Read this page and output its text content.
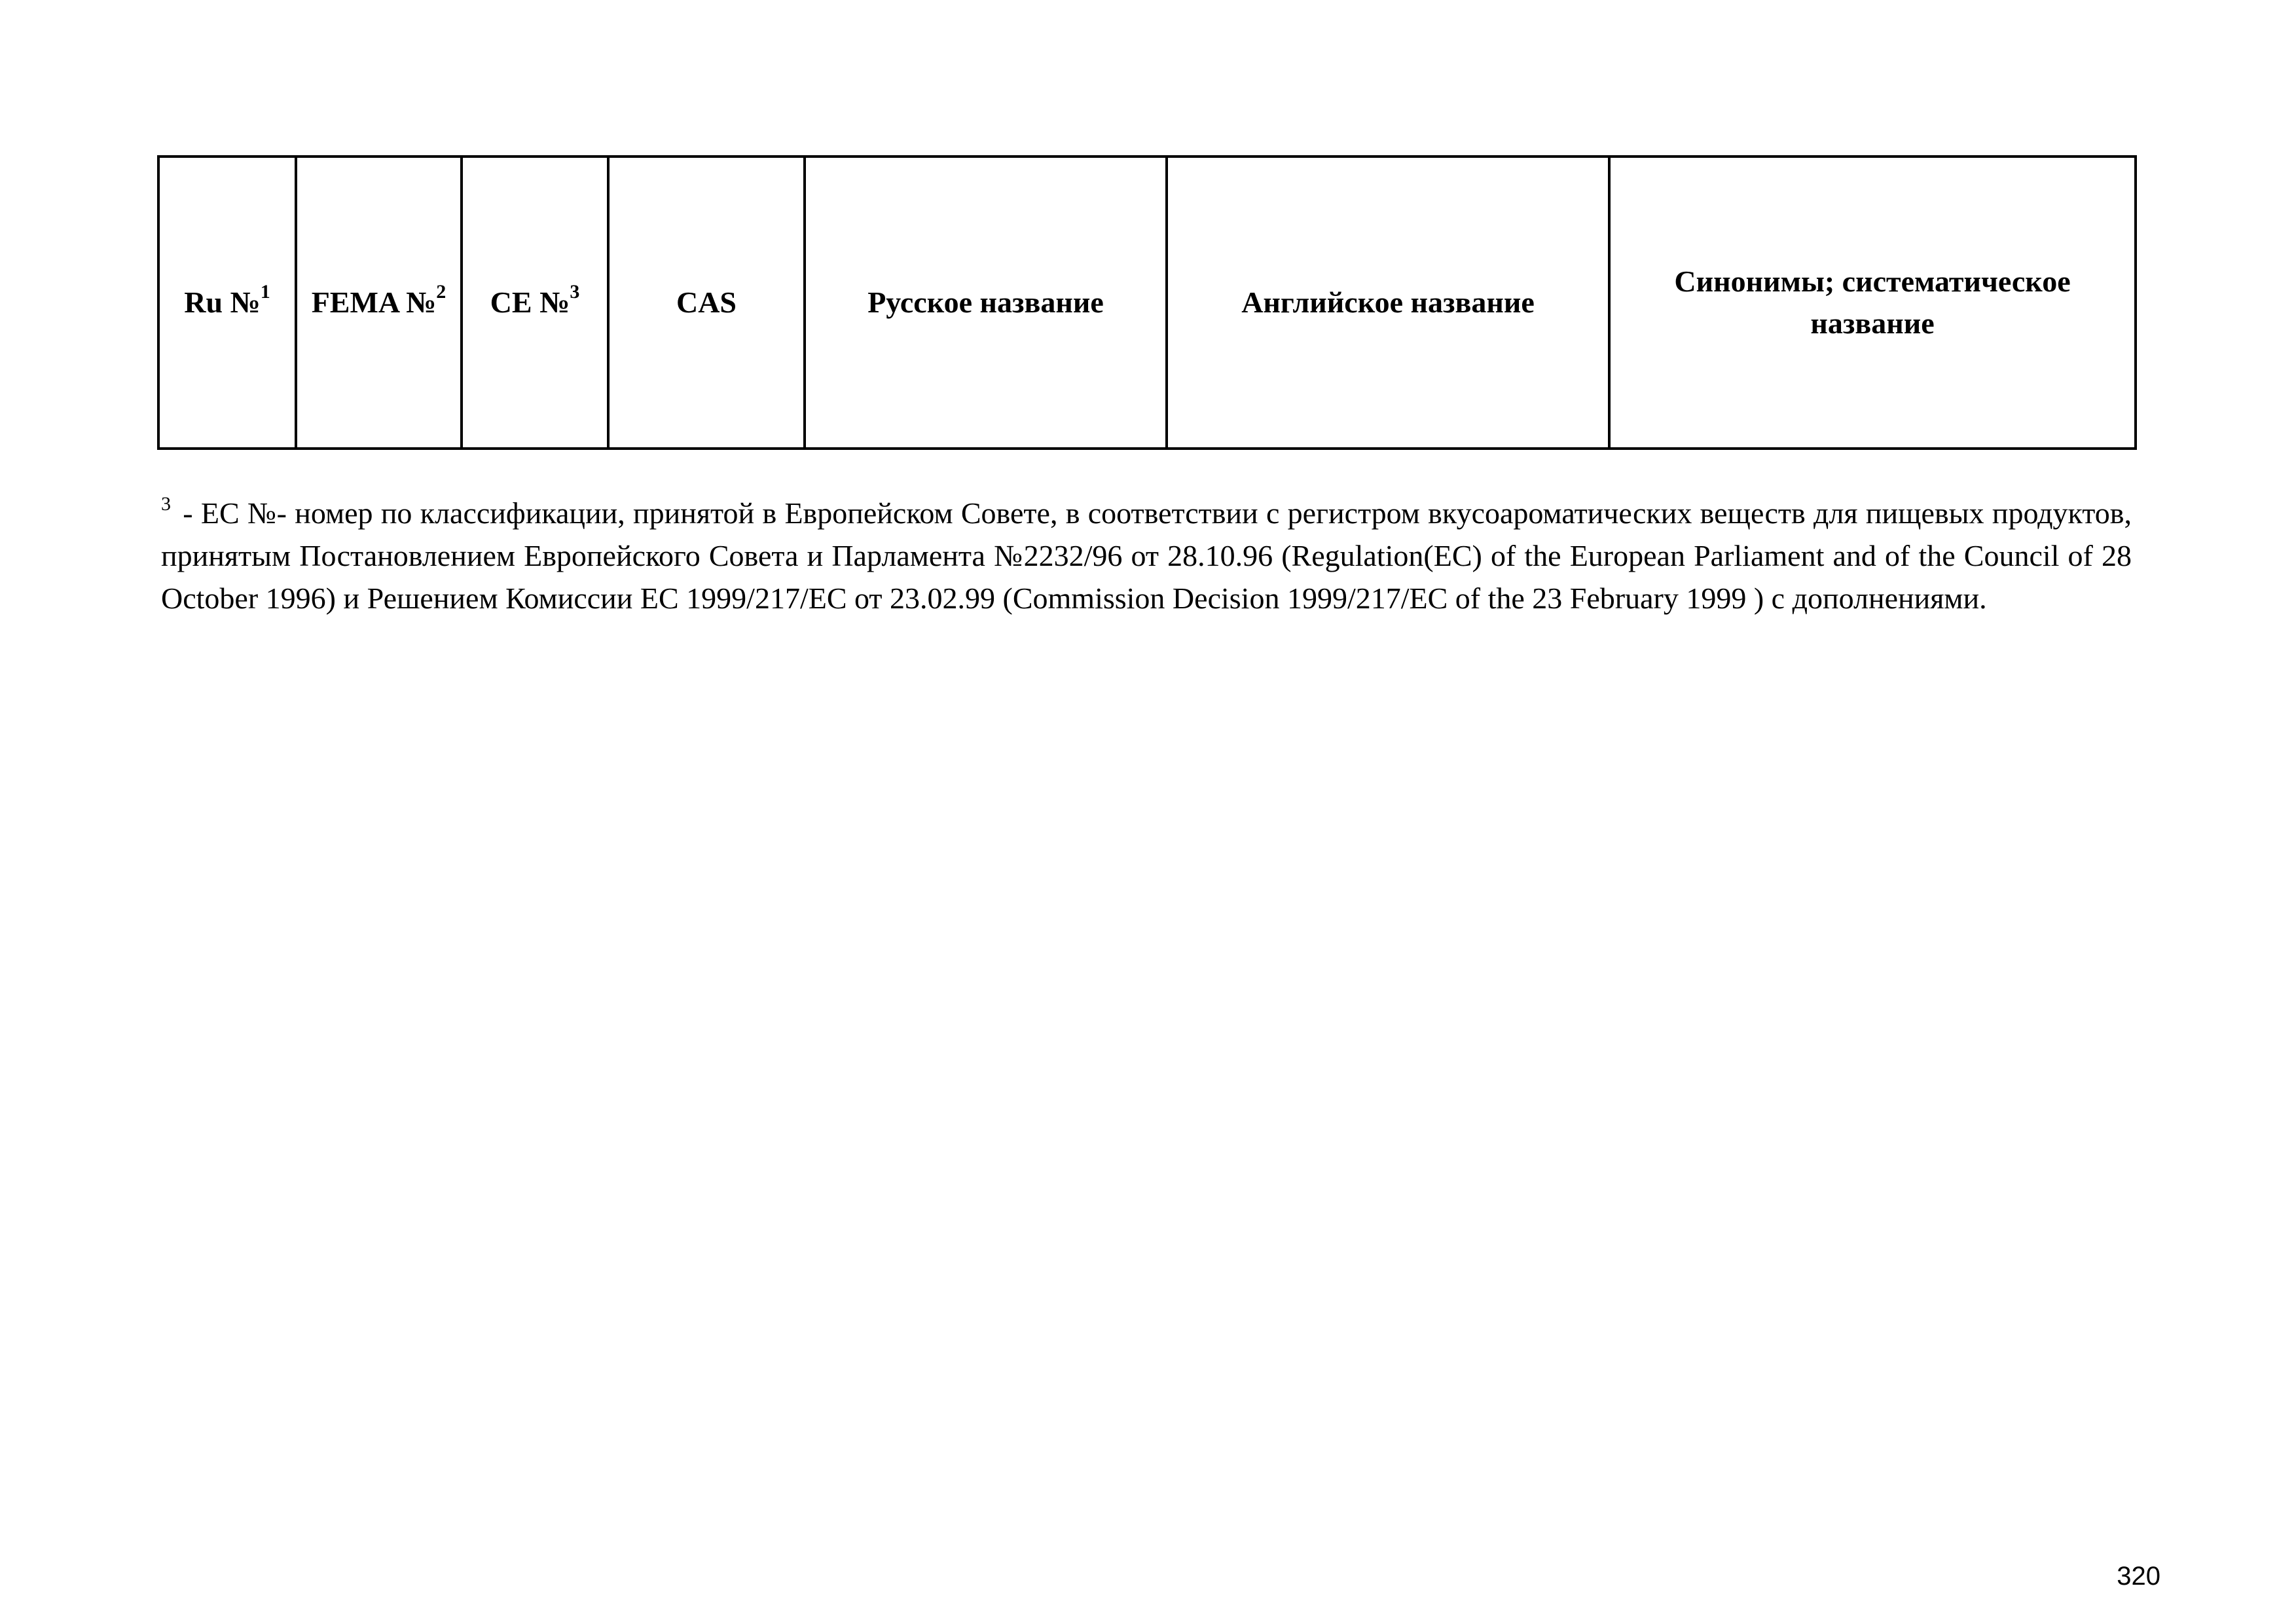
Ru №$^1$	FEMA №$^2$	CE №$^3$	CAS	Русское название	Английское название	Синонимы; систематическое название

$^3$ - ЕС №- номер по классификации, принятой в Европейском Совете, в соответствии с регистром вкусоароматических веществ для пищевых продуктов, принятым Постановлением Европейского Совета и Парламента №2232/96 от 28.10.96 (Regulation(EC) of the European Parliament and of the Council of 28 October 1996) и Решением Комиссии ЕС 1999/217/ЕС от 23.02.99 (Commission Decision 1999/217/EC of the 23 February 1999 ) с дополнениями.

320
